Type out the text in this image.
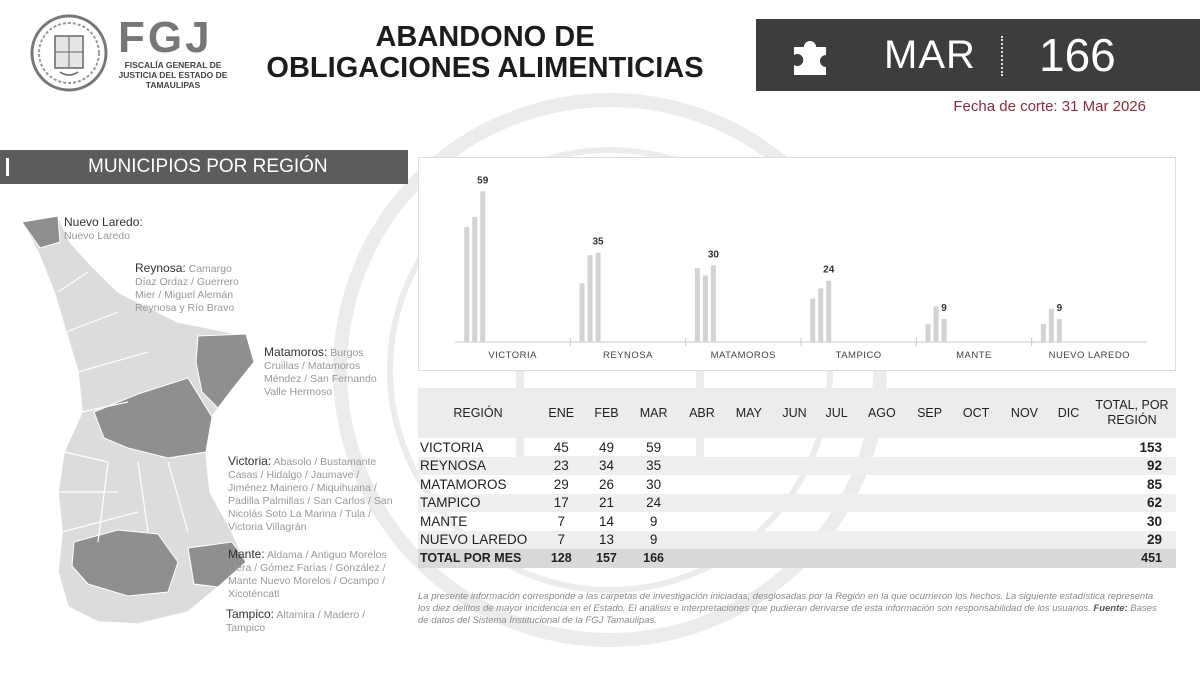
FGJ
FISCALÍA GENERAL DE JUSTICIA DEL ESTADO DE TAMAULIPAS
ABANDONO DE
OBLIGACIONES ALIMENTICIAS	MAR 166
Fecha de corte: 31 Mar 2026
MUNICIPIOS POR REGIÓN
Nuevo Laredo:
Nuevo Laredo
Reynosa: Camargo Díaz Ordaz / Guerrero Mier / Miguel Alemán Reynosa y Río Bravo
Matamoros: Burgos Cruillas / Matamoros Méndez / San Fernando Valle Hermoso
Victoria: Abasolo / Bustamante Casas / Hidalgo / Jaumave / Jiménez Mainero / Miquihuana / Padilla Palmillas / San Carlos / San Nicolás Soto La Marina / Tula / Victoria Villagrán
Mante: Aldama / Antiguo Morelos Llera / Gómez Farías / González / Mante Nuevo Morelos / Ocampo / Xicoténcatl
Tampico: Altamira / Madero / Tampico
59
VICTORIA
35
REYNOSA
30
MATAMOROS
24
TAMPICO
9
MANTE
9
NUEVO LAREDO
REGIÓN	ENE	FEB	MAR	ABR	MAY	JUN	JUL	AGO	SEP	OCT	NOV	DIC	TOTAL, POR
REGIÓN
VICTORIA	45	49	59										153
REYNOSA	23	34	35										92
MATAMOROS	29	26	30										85
TAMPICO	17	21	24										62
MANTE	7	14	9										30
NUEVO LAREDO	7	13	9										29
TOTAL POR MES	128	157	166										451
La presente información corresponde a las carpetas de investigación iniciadas, desglosadas por la Región en la que ocurrieron los hechos. La siguiente estadística representa los diez delitos de mayor incidencia en el Estado. El análisis e interpretaciones que pudieran derivarse de esta información son responsabilidad de los usuarios. Fuente: Bases de datos del Sistema Institucional de la FGJ Tamaulipas.
